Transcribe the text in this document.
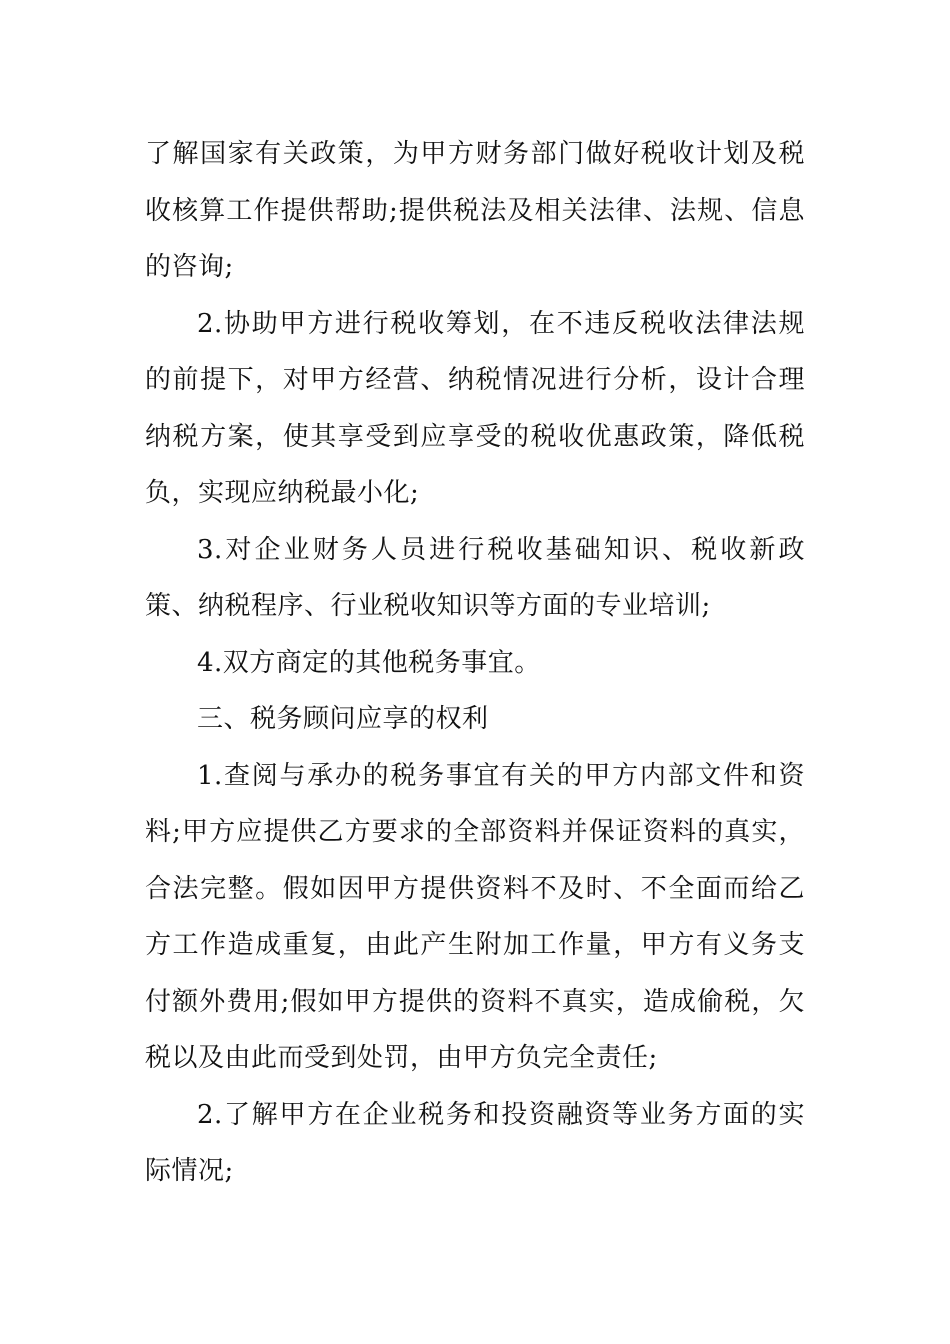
了解国家有关政策，为甲方财务部门做好税收计划及税收核算工作提供帮助;提供税法及相关法律、法规、信息的咨询;

2.协助甲方进行税收筹划，在不违反税收法律法规的前提下，对甲方经营、纳税情况进行分析，设计合理纳税方案，使其享受到应享受的税收优惠政策，降低税负，实现应纳税最小化;

3.对企业财务人员进行税收基础知识、税收新政策、纳税程序、行业税收知识等方面的专业培训;

4.双方商定的其他税务事宜。

三、税务顾问应享的权利

1.查阅与承办的税务事宜有关的甲方内部文件和资料;甲方应提供乙方要求的全部资料并保证资料的真实，合法完整。假如因甲方提供资料不及时、不全面而给乙方工作造成重复，由此产生附加工作量，甲方有义务支付额外费用;假如甲方提供的资料不真实，造成偷税，欠税以及由此而受到处罚，由甲方负完全责任;

2.了解甲方在企业税务和投资融资等业务方面的实际情况;
